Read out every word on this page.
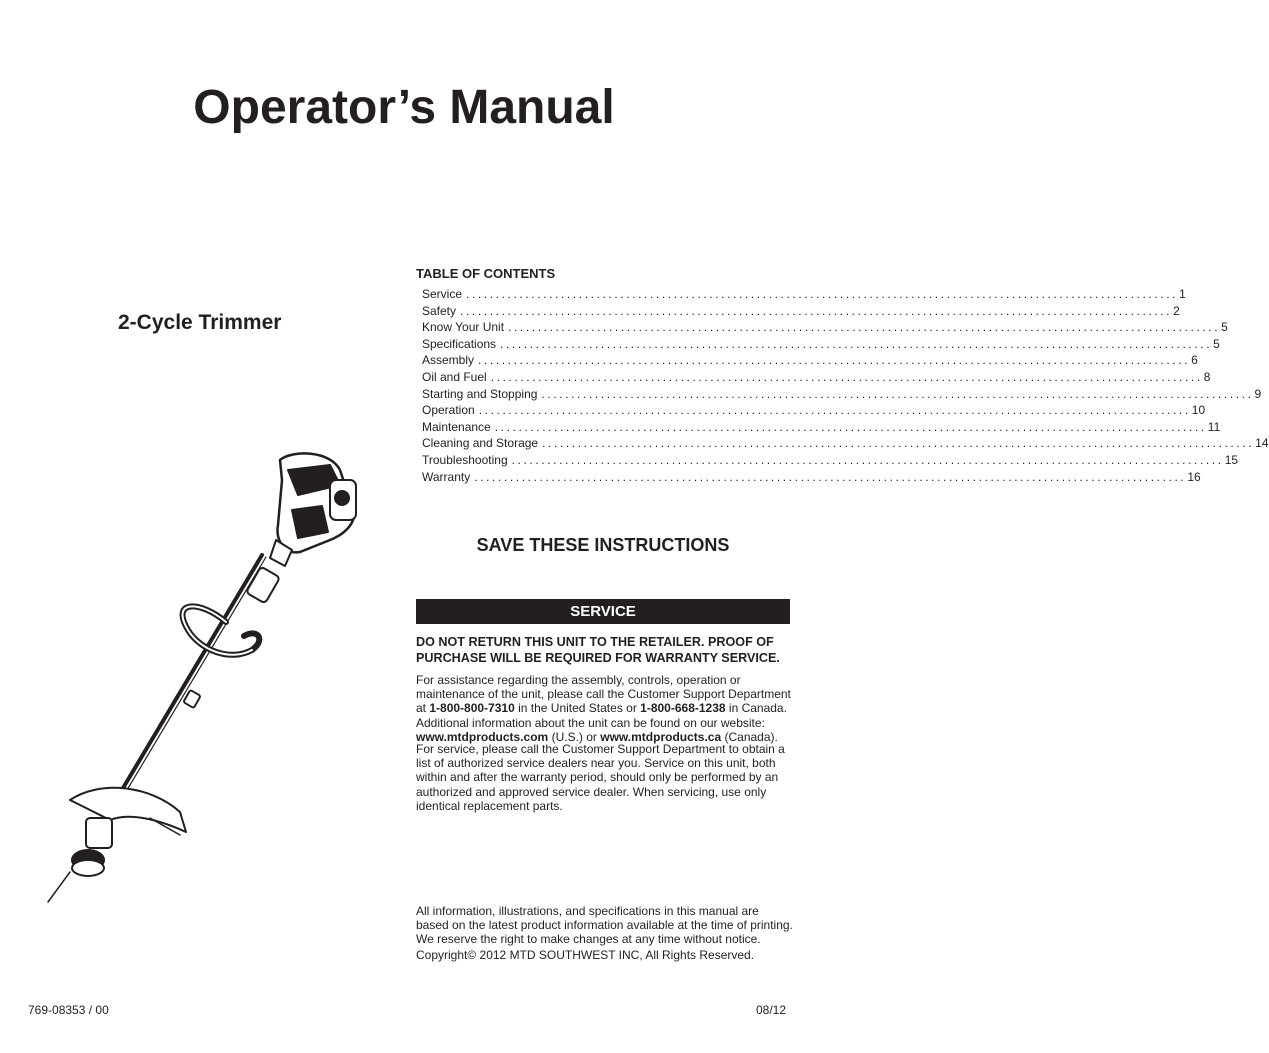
Operator’s Manual
2-Cycle Trimmer
TABLE OF CONTENTS
Service ........................................................................................................................ 1
Safety ........................................................................................................................ 2
Know Your Unit ........................................................................................................................ 5
Specifications ........................................................................................................................ 5
Assembly ........................................................................................................................ 6
Oil and Fuel ........................................................................................................................ 8
Starting and Stopping ........................................................................................................................ 9
Operation ........................................................................................................................ 10
Maintenance ........................................................................................................................ 11
Cleaning and Storage ........................................................................................................................ 14
Troubleshooting ........................................................................................................................ 15
Warranty ........................................................................................................................ 16
SAVE THESE INSTRUCTIONS
SERVICE
DO NOT RETURN THIS UNIT TO THE RETAILER. PROOF OF PURCHASE WILL BE REQUIRED FOR WARRANTY SERVICE.
For assistance regarding the assembly, controls, operation or maintenance of the unit, please call the Customer Support Department at 1-800-800-7310 in the United States or 1-800-668-1238 in Canada. Additional information about the unit can be found on our website: www.mtdproducts.com (U.S.) or www.mtdproducts.ca (Canada).
For service, please call the Customer Support Department to obtain a list of authorized service dealers near you. Service on this unit, both within and after the warranty period, should only be performed by an authorized and approved service dealer. When servicing, use only identical replacement parts.
All information, illustrations, and specifications in this manual are based on the latest product information available at the time of printing. We reserve the right to make changes at any time without notice.
Copyright© 2012 MTD SOUTHWEST INC, All Rights Reserved.
769-08353 / 00	08/12
